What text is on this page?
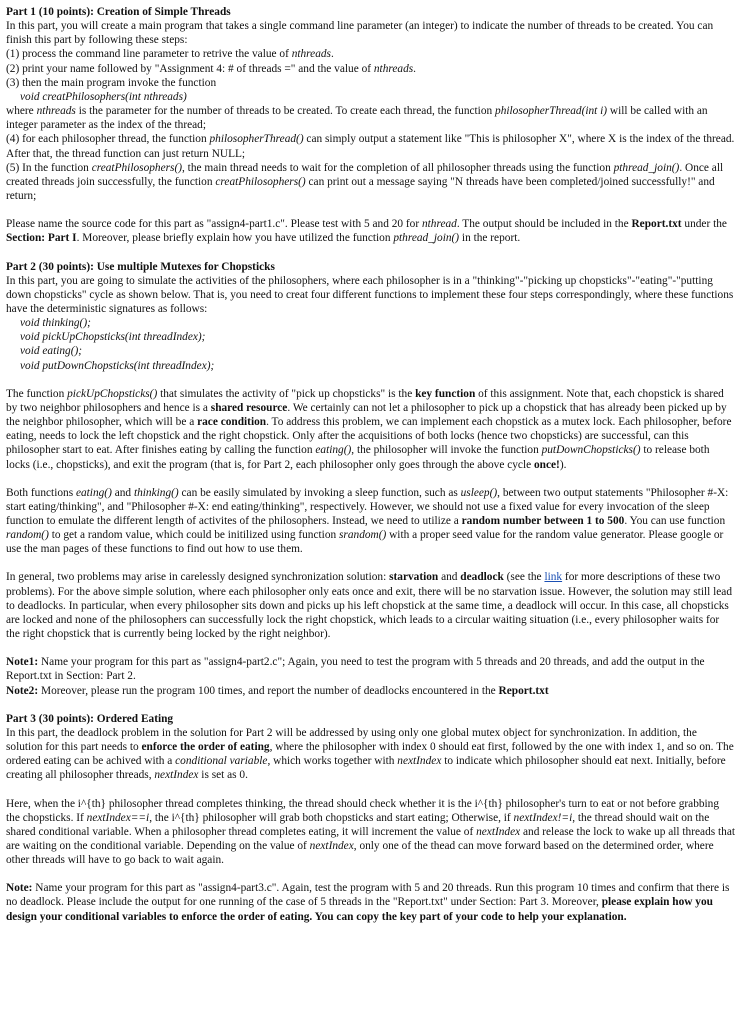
Part 1 (10 points): Creation of Simple Threads

In this part, you will create a main program that takes a single command line parameter (an integer) to indicate the number of threads to be created. You can finish this part by following these steps:

(1) process the command line parameter to retrive the value of nthreads.

(2) print your name followed by "Assignment 4: # of threads =" and the value of nthreads.

(3) then the main program invoke the function

void creatPhilosophers(int nthreads)

where nthreads is the parameter for the number of threads to be created. To create each thread, the function philosopherThread(int i) will be called with an integer parameter as the index of the thread;

(4) for each philosopher thread, the function philosopherThread() can simply output a statement like "This is philosopher X", where X is the index of the thread. After that, the thread function can just return NULL;

(5) In the function creatPhilosophers(), the main thread needs to wait for the completion of all philosopher threads using the function pthread_join(). Once all created threads join successfully, the function creatPhilosophers() can print out a message saying "N threads have been completed/joined successfully!" and return;

Please name the source code for this part as "assign4-part1.c". Please test with 5 and 20 for nthread. The output should be included in the Report.txt under the Section: Part I. Moreover, please briefly explain how you have utilized the function pthread_join() in the report.

Part 2 (30 points): Use multiple Mutexes for Chopsticks

In this part, you are going to simulate the activities of the philosophers, where each philosopher is in a "thinking"-"picking up chopsticks"-"eating"-"putting down chopsticks" cycle as shown below. That is, you need to creat four different functions to implement these four steps correspondingly, where these functions have the deterministic signatures as follows:

void thinking();

void pickUpChopsticks(int threadIndex);

void eating();

void putDownChopsticks(int threadIndex);

The function pickUpChopsticks() that simulates the activity of "pick up chopsticks" is the key function of this assignment. Note that, each chopstick is shared by two neighbor philosophers and hence is a shared resource. We certainly can not let a philosopher to pick up a chopstick that has already been picked up by the neighbor philosopher, which will be a race condition. To address this problem, we can implement each chopstick as a mutex lock. Each philosopher, before eating, needs to lock the left chopstick and the right chopstick. Only after the acquisitions of both locks (hence two chopsticks) are successful, can this philosopher start to eat. After finishes eating by calling the function eating(), the philosopher will invoke the function putDownChopsticks() to release both locks (i.e., chopsticks), and exit the program (that is, for Part 2, each philosopher only goes through the above cycle once!).

Both functions eating() and thinking() can be easily simulated by invoking a sleep function, such as usleep(), between two output statements "Philosopher #-X: start eating/thinking", and "Philosopher #-X: end eating/thinking", respectively. However, we should not use a fixed value for every invocation of the sleep function to emulate the different length of activites of the philosophers. Instead, we need to utilize a random number between 1 to 500. You can use function random() to get a random value, which could be initilized using function srandom() with a proper seed value for the random value generator. Please google or use the man pages of these functions to find out how to use them.

In general, two problems may arise in carelessly designed synchronization solution: starvation and deadlock (see the link for more descriptions of these two problems). For the above simple solution, where each philosopher only eats once and exit, there will be no starvation issue. However, the solution may still lead to deadlocks. In particular, when every philosopher sits down and picks up his left chopstick at the same time, a deadlock will occur. In this case, all chopsticks are locked and none of the philosophers can successfully lock the right chopstick, which leads to a circular waiting situation (i.e., every philosopher waits for the right chopstick that is currently being locked by the right neighbor).

Note1: Name your program for this part as "assign4-part2.c"; Again, you need to test the program with 5 threads and 20 threads, and add the output in the Report.txt in Section: Part 2.

Note2: Moreover, please run the program 100 times, and report the number of deadlocks encountered in the Report.txt

Part 3 (30 points): Ordered Eating

In this part, the deadlock problem in the solution for Part 2 will be addressed by using only one global mutex object for synchronization. In addition, the solution for this part needs to enforce the order of eating, where the philosopher with index 0 should eat first, followed by the one with index 1, and so on. The ordered eating can be achived with a conditional variable, which works together with nextIndex to indicate which philosopher should eat next. Initially, before creating all philosopher threads, nextIndex is set as 0.

Here, when the i^{th} philosopher thread completes thinking, the thread should check whether it is the i^{th} philosopher's turn to eat or not before grabbing the chopsticks. If nextIndex==i, the i^{th} philosopher will grab both chopsticks and start eating; Otherwise, if nextIndex!=i, the thread should wait on the shared conditional variable. When a philosopher thread completes eating, it will increment the value of nextIndex and release the lock to wake up all threads that are waiting on the conditional variable. Depending on the value of nextIndex, only one of the thead can move forward based on the determined order, where other threads will have to go back to wait again.

Note: Name your program for this part as "assign4-part3.c". Again, test the program with 5 and 20 threads. Run this program 10 times and confirm that there is no deadlock. Please include the output for one running of the case of 5 threads in the "Report.txt" under Section: Part 3. Moreover, please explain how you design your conditional variables to enforce the order of eating. You can copy the key part of your code to help your explanation.
